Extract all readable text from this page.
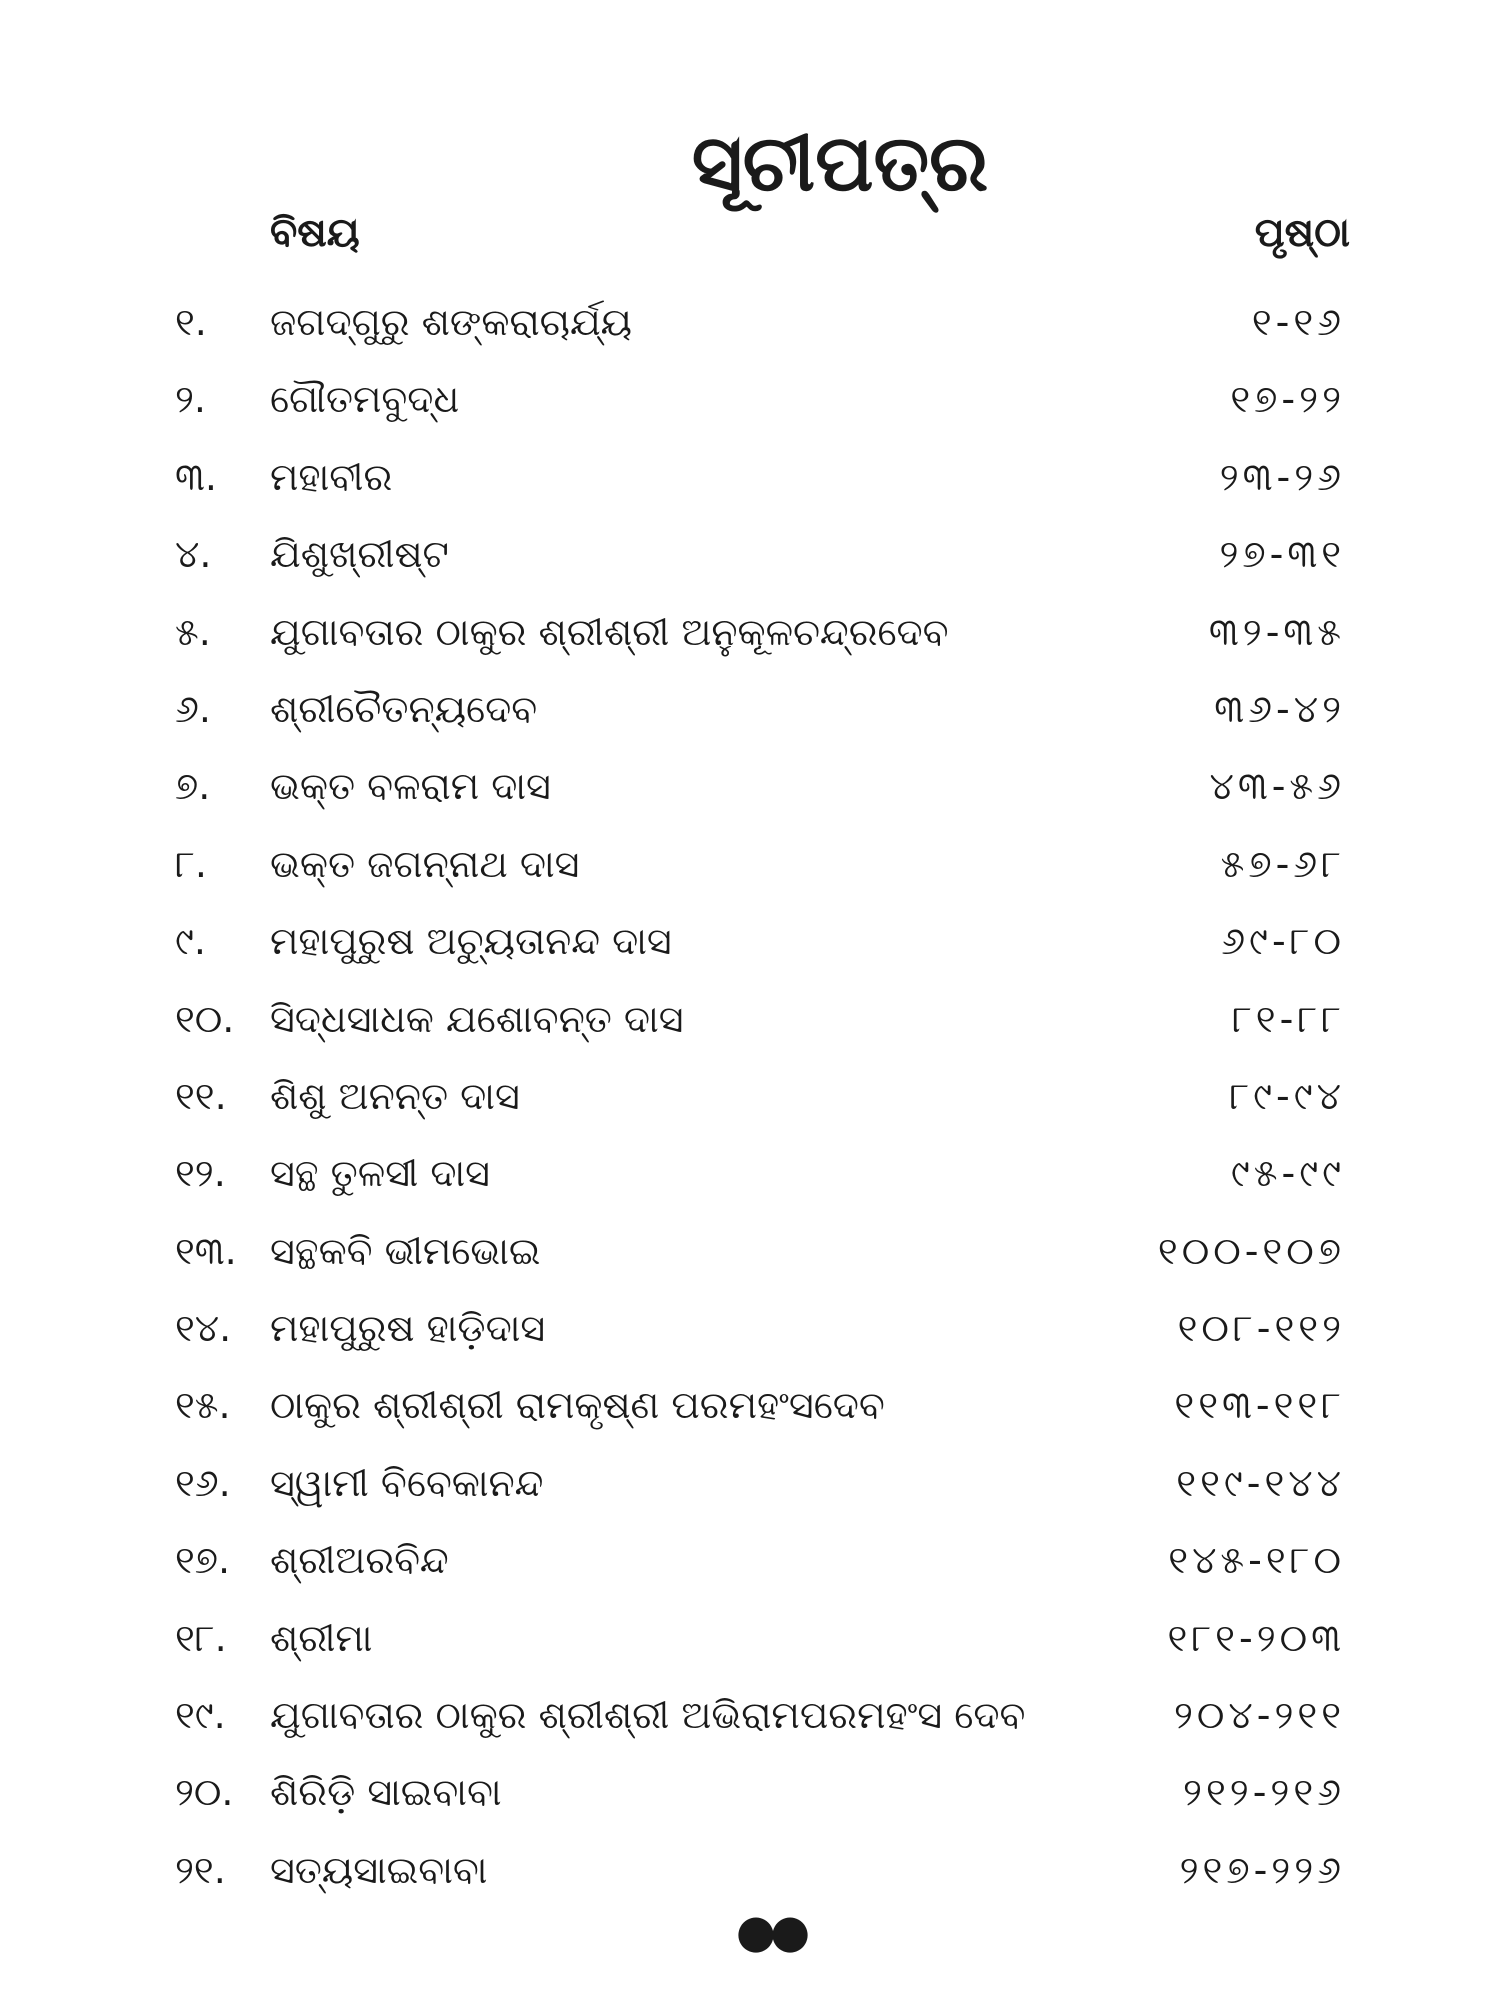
ସୂଚୀପତ୍ର
ବିଷୟ	ପୃଷ୍ଠା
୧.	ଜଗଦ୍‌ଗୁରୁ ଶଙ୍କରାଚାର୍ଯ୍ୟ	୧-୧୬
୨.	ଗୌତମବୁଦ୍ଧ	୧୭-୨୨
୩.	ମହାବୀର	୨୩-୨୬
୪.	ଯିଶୁଖ୍ରୀଷ୍ଟ	୨୭-୩୧
୫.	ଯୁଗାବତାର ଠାକୁର ଶ୍ରୀଶ୍ରୀ ଅନୁକୂଳଚନ୍ଦ୍ରଦେବ	୩୨-୩୫
୬.	ଶ୍ରୀଚୈତନ୍ୟଦେବ	୩୬-୪୨
୭.	ଭକ୍ତ ବଳରାମ ଦାସ	୪୩-୫୬
୮.	ଭକ୍ତ ଜଗନ୍ନାଥ ଦାସ	୫୭-୬୮
୯.	ମହାପୁରୁଷ ଅଚ୍ୟୁତାନନ୍ଦ ଦାସ	୬୯-୮୦
୧୦. ସିଦ୍ଧସାଧକ ଯଶୋବନ୍ତ ଦାସ	୮୧-୮୮
୧୧.	ଶିଶୁ ଅନନ୍ତ ଦାସ	୮୯-୯୪
୧୨.	ସନ୍ଥ ତୁଳସୀ ଦାସ	୯୫-୯୯
୧୩. ସନ୍ଥକବି ଭୀମଭୋଇ	୧୦୦-୧୦୭
୧୪.	ମହାପୁରୁଷ ହାଡ଼ିଦାସ	୧୦୮-୧୧୨
୧୫.	ଠାକୁର ଶ୍ରୀଶ୍ରୀ ରାମକୃଷ୍ଣ ପରମହଂସଦେବ	୧୧୩-୧୧୮
୧୬.	ସ୍ୱାମୀ ବିବେକାନନ୍ଦ	୧୧୯-୧୪୪
୧୭.	ଶ୍ରୀଅରବିନ୍ଦ	୧୪୫-୧୮୦
୧୮.	ଶ୍ରୀମା	୧୮୧-୨୦୩
୧୯.	ଯୁଗାବତାର ଠାକୁର ଶ୍ରୀଶ୍ରୀ ଅଭିରାମପରମହଂସ ଦେବ	୨୦୪-୨୧୧
୨୦. ଶିରିଡ଼ି ସାଇବାବା	୨୧୨-୨୧୬
୨୧.	ସତ୍ୟସାଇବାବା	୨୧୭-୨୨୬
●●
